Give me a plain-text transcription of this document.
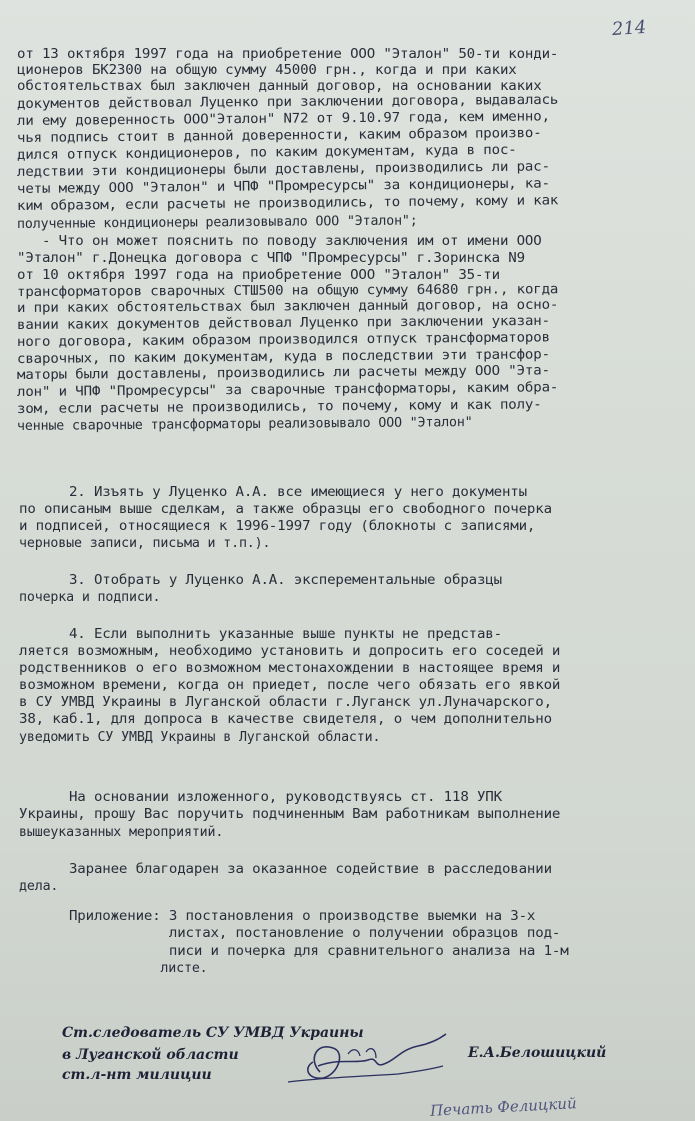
214
от 13 октября 1997 года на приобретение ООО "Эталон" 50-ти конди-
ционеров БК2300 на общую сумму 45000 грн., когда и при каких
обстоятельствах был заключен данный договор, на основании каких
документов действовал Луценко при заключении договора, выдавалась
ли ему доверенность ООО"Эталон" N72 от 9.10.97 года, кем именно,
чья подпись стоит в данной доверенности, каким образом произво-
дился отпуск кондиционеров, по каким документам, куда в пос-
ледствии эти кондиционеры были доставлены, производились ли рас-
четы между ООО "Эталон" и ЧПФ "Промресурсы" за кондиционеры, ка-
ким образом, если расчеты не производились, то почему, кому и как
полученные кондиционеры реализовывало ООО "Эталон";
- Что он может пояснить по поводу заключения им от имени ООО
"Эталон" г.Донецка договора с ЧПФ "Промресурсы" г.Зоринска N9
от 10 октября 1997 года на приобретение ООО "Эталон" 35-ти
трансформаторов сварочных СТШ500 на общую сумму 64680 грн., когда
и при каких обстоятельствах был заключен данный договор, на осно-
вании каких документов действовал Луценко при заключении указан-
ного договора, каким образом производился отпуск трансформаторов
сварочных, по каким документам, куда в последствии эти трансфор-
маторы были доставлены, производились ли расчеты между ООО "Эта-
лон" и ЧПФ "Промресурсы" за сварочные трансформаторы, каким обра-
зом, если расчеты не производились, то почему, кому и как полу-
ченные сварочные трансформаторы реализовывало ООО "Эталон"
2. Изъять у Луценко А.А. все имеющиеся у него документы
по описаным выше сделкам, а также образцы его свободного почерка
и подписей, относящиеся к 1996-1997 году (блокноты с записями,
черновые записи, письма и т.п.).
3. Отобрать у Луценко А.А. эксперементальные образцы
почерка и подписи.
4. Если выполнить указанные выше пункты не представ-
ляется возможным, необходимо установить и допросить его соседей и
родственников о его возможном местонахождении в настоящее время и
возможном времени, когда он приедет, после чего обязать его явкой
в СУ УМВД Украины в Луганской области г.Луганск ул.Луначарского,
38, каб.1, для допроса в качестве свидетеля, о чем дополнительно
уведомить СУ УМВД Украины в Луганской области.
На основании изложенного, руководствуясь ст. 118 УПК
Украины, прошу Вас поручить подчиненным Вам работникам выполнение
вышеуказанных мероприятий.
Заранее благодарен за оказанное содействие в расследовании
дела.
Приложение: 3 постановления о производстве выемки на 3-х
листах, постановление о получении образцов под-
писи и почерка для сравнительного анализа на 1-м
листе.
Ст.следователь СУ УМВД Украины
в Луганской области
ст.л-нт милиции
Е.А.Белошицкий
Печать Фелицкий
